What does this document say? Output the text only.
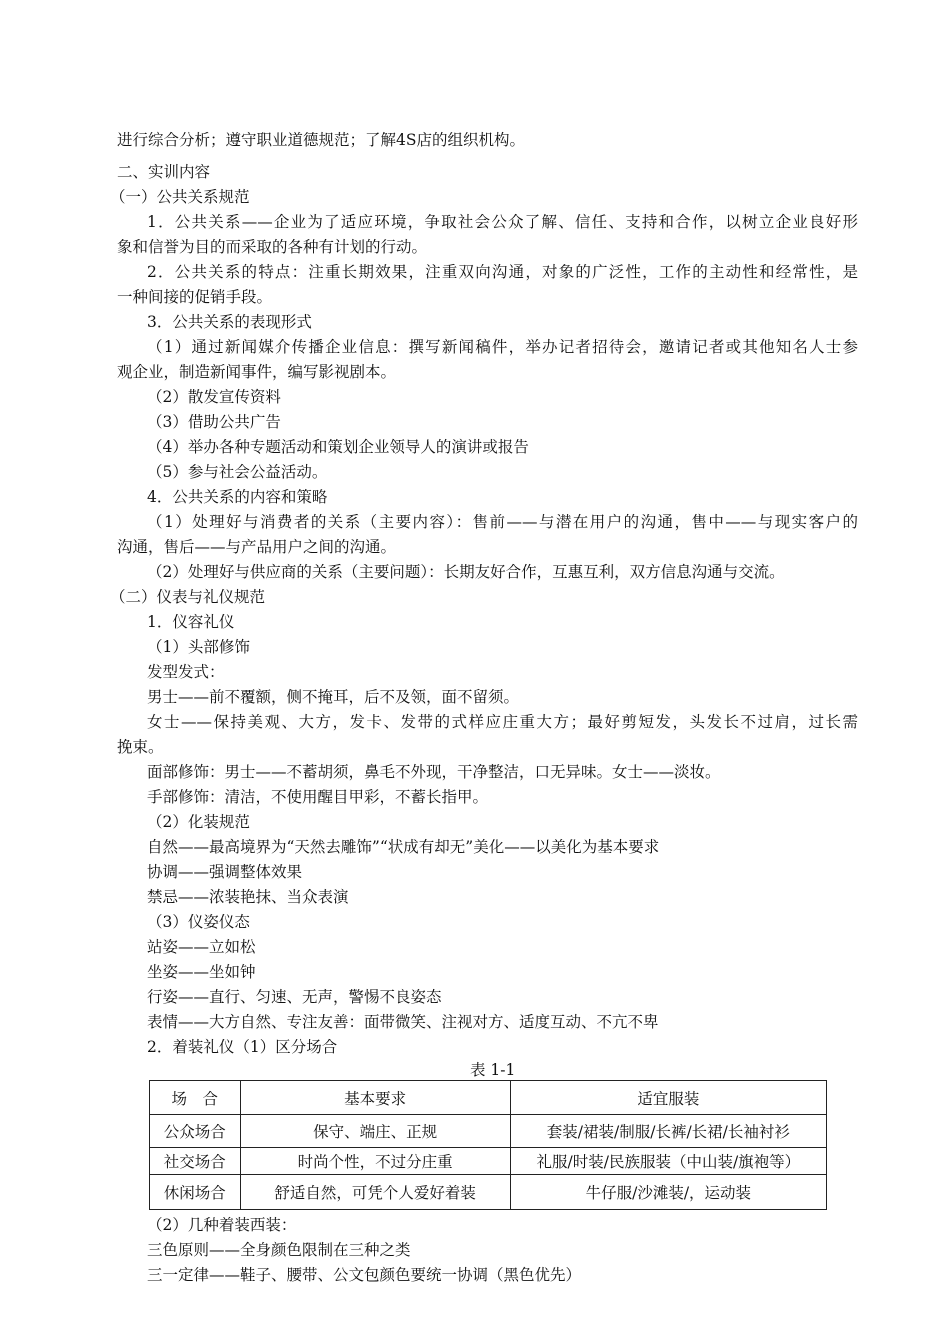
进行综合分析；遵守职业道德规范；了解4S店的组织机构。
二、实训内容
（一）公共关系规范
1．公共关系——企业为了适应环境，争取社会公众了解、信任、支持和合作，以树立企业良好形
象和信誉为目的而采取的各种有计划的行动。
2．公共关系的特点：注重长期效果，注重双向沟通，对象的广泛性，工作的主动性和经常性，是
一种间接的促销手段。
3．公共关系的表现形式
（1）通过新闻媒介传播企业信息：撰写新闻稿件，举办记者招待会，邀请记者或其他知名人士参
观企业，制造新闻事件，编写影视剧本。
（2）散发宣传资料
（3）借助公共广告
（4）举办各种专题活动和策划企业领导人的演讲或报告
（5）参与社会公益活动。
4．公共关系的内容和策略
（1）处理好与消费者的关系（主要内容）：售前——与潜在用户的沟通，售中——与现实客户的
沟通，售后——与产品用户之间的沟通。
（2）处理好与供应商的关系（主要问题）：长期友好合作，互惠互利，双方信息沟通与交流。
（二）仪表与礼仪规范
1．仪容礼仪
（1）头部修饰
发型发式：
男士——前不覆额，侧不掩耳，后不及领，面不留须。
女士——保持美观、大方，发卡、发带的式样应庄重大方；最好剪短发，头发长不过肩，过长需
挽束。
面部修饰：男士——不蓄胡须，鼻毛不外现，干净整洁，口无异味。女士——淡妆。
手部修饰：清洁，不使用醒目甲彩，不蓄长指甲。
（2）化装规范
自然——最高境界为“天然去雕饰”“状成有却无”美化——以美化为基本要求
协调——强调整体效果
禁忌——浓装艳抹、当众表演
（3）仪姿仪态
站姿——立如松
坐姿——坐如钟
行姿——直行、匀速、无声，警惕不良姿态
表情——大方自然、专注友善：面带微笑、注视对方、适度互动、不亢不卑
2．着装礼仪（1）区分场合
表 1-1
场　合	基本要求	适宜服装
公众场合	保守、端庄、正规	套装/裙装/制服/长裤/长裙/长袖衬衫
社交场合	时尚个性，不过分庄重	礼服/时装/民族服装（中山装/旗袍等）
休闲场合	舒适自然，可凭个人爱好着装	牛仔服/沙滩装/，运动装
（2）几种着装西装：
三色原则——全身颜色限制在三种之类
三一定律——鞋子、腰带、公文包颜色要统一协调（黑色优先）
